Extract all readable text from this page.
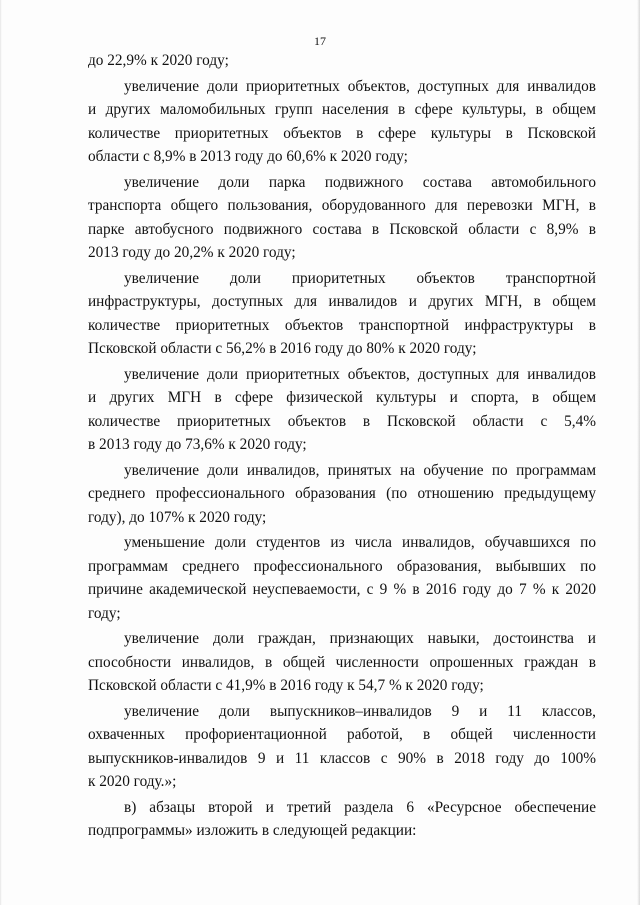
17
до 22,9% к 2020 году;
увеличение доли приоритетных объектов, доступных для инвалидов
и других маломобильных групп населения в сфере культуры, в общем
количестве приоритетных объектов в сфере культуры в Псковской
области с 8,9% в 2013 году до 60,6% к 2020 году;
увеличение доли парка подвижного состава автомобильного
транспорта общего пользования, оборудованного для перевозки МГН, в
парке автобусного подвижного состава в Псковской области с 8,9% в
2013 году до 20,2% к 2020 году;
увеличение доли приоритетных объектов транспортной
инфраструктуры, доступных для инвалидов и других МГН, в общем
количестве приоритетных объектов транспортной инфраструктуры в
Псковской области с 56,2% в 2016 году до 80% к 2020 году;
увеличение доли приоритетных объектов, доступных для инвалидов
и других МГН в сфере физической культуры и спорта, в общем
количестве приоритетных объектов в Псковской области с 5,4%
в 2013 году до 73,6% к 2020 году;
увеличение доли инвалидов, принятых на обучение по программам
среднего профессионального образования (по отношению предыдущему
году), до 107% к 2020 году;
уменьшение доли студентов из числа инвалидов, обучавшихся по
программам среднего профессионального образования, выбывших по
причине академической неуспеваемости, с 9 % в 2016 году до 7 % к 2020
году;
увеличение доли граждан, признающих навыки, достоинства и
способности инвалидов, в общей численности опрошенных граждан в
Псковской области с 41,9% в 2016 году к 54,7 % к 2020 году;
увеличение доли выпускников–инвалидов 9 и 11 классов,
охваченных профориентационной работой, в общей численности
выпускников-инвалидов 9 и 11 классов с 90% в 2018 году до 100%
к 2020 году.»;
в) абзацы второй и третий раздела 6 «Ресурсное обеспечение
подпрограммы» изложить в следующей редакции:
